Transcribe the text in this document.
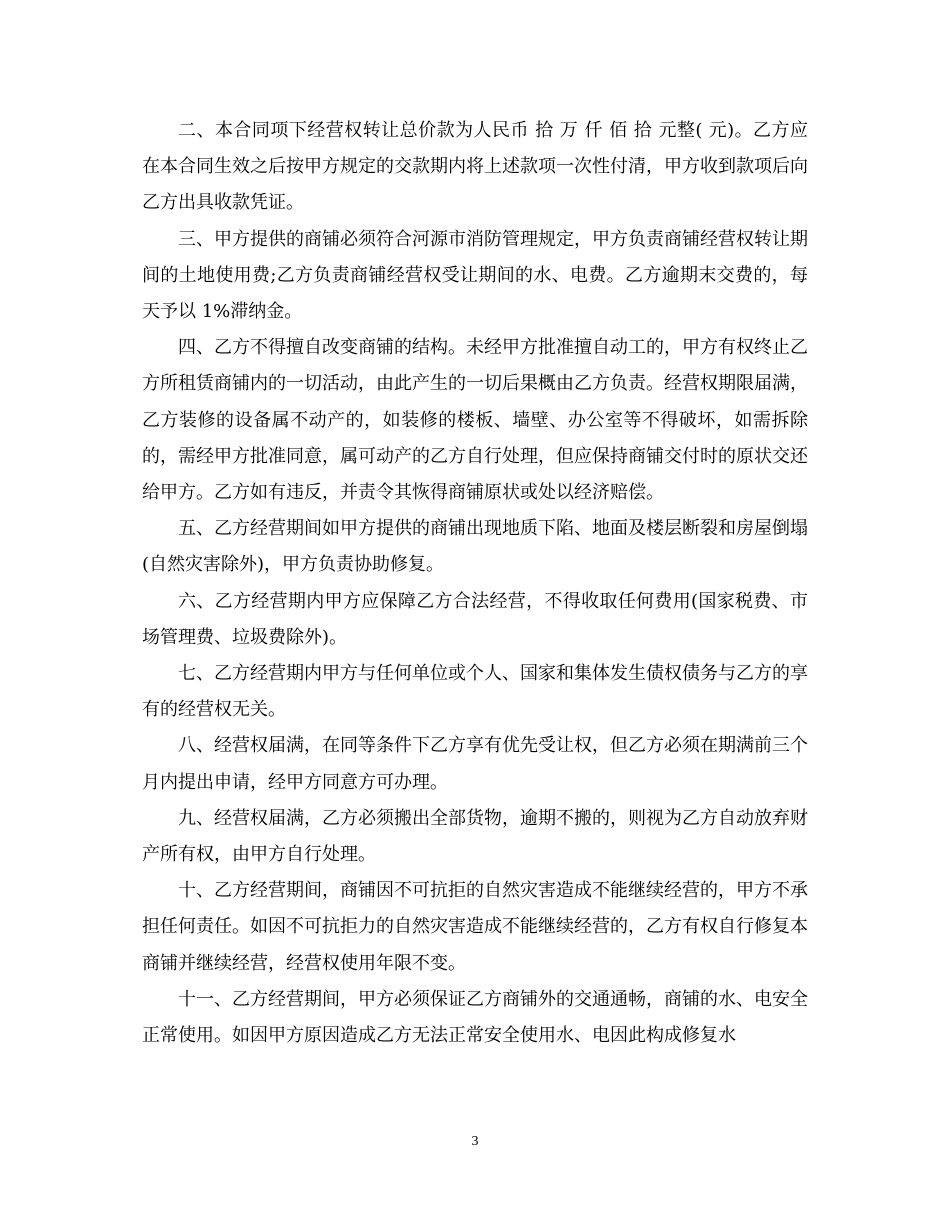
二、本合同项下经营权转让总价款为人民币 拾 万 仟 佰 拾 元整( 元)。乙方应在本合同生效之后按甲方规定的交款期内将上述款项一次性付清，甲方收到款项后向乙方出具收款凭证。

三、甲方提供的商铺必须符合河源市消防管理规定，甲方负责商铺经营权转让期间的土地使用费;乙方负责商铺经营权受让期间的水、电费。乙方逾期末交费的，每天予以 1%滞纳金。

四、乙方不得擅自改变商铺的结构。未经甲方批准擅自动工的，甲方有权终止乙方所租赁商铺内的一切活动，由此产生的一切后果概由乙方负责。经营权期限届满，乙方装修的设备属不动产的，如装修的楼板、墙壁、办公室等不得破坏，如需拆除的，需经甲方批准同意，属可动产的乙方自行处理，但应保持商铺交付时的原状交还给甲方。乙方如有违反，并责令其恢得商铺原状或处以经济赔偿。

五、乙方经营期间如甲方提供的商铺出现地质下陷、地面及楼层断裂和房屋倒塌(自然灾害除外)，甲方负责协助修复。

六、乙方经营期内甲方应保障乙方合法经营，不得收取任何费用(国家税费、市场管理费、垃圾费除外)。

七、乙方经营期内甲方与任何单位或个人、国家和集体发生债权债务与乙方的享有的经营权无关。

八、经营权届满，在同等条件下乙方享有优先受让权，但乙方必须在期满前三个月内提出申请，经甲方同意方可办理。

九、经营权届满，乙方必须搬出全部货物，逾期不搬的，则视为乙方自动放弃财产所有权，由甲方自行处理。

十、乙方经营期间，商铺因不可抗拒的自然灾害造成不能继续经营的，甲方不承担任何责任。如因不可抗拒力的自然灾害造成不能继续经营的，乙方有权自行修复本商铺并继续经营，经营权使用年限不变。

十一、乙方经营期间，甲方必须保证乙方商铺外的交通通畅，商铺的水、电安全正常使用。如因甲方原因造成乙方无法正常安全使用水、电因此构成修复水

3
